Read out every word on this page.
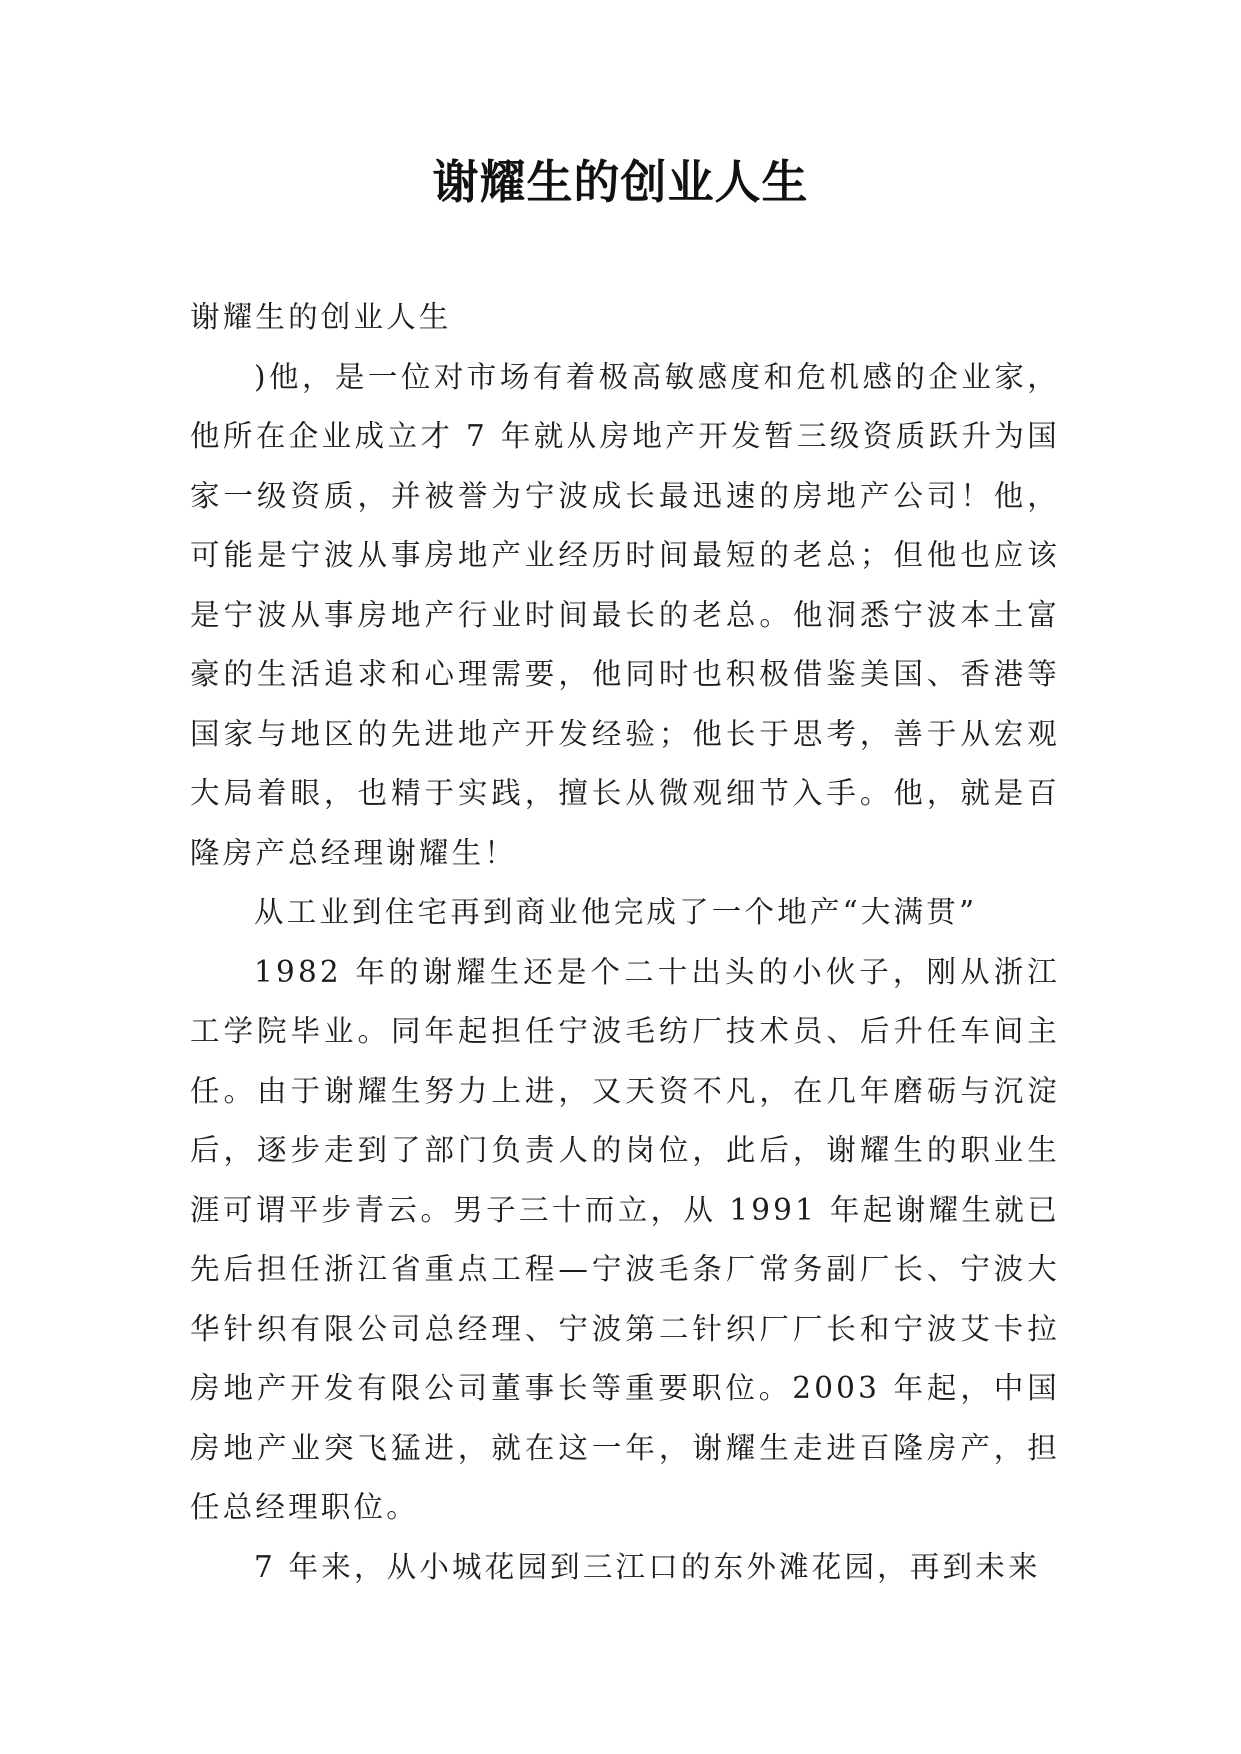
谢耀生的创业人生

谢耀生的创业人生

)他，是一位对市场有着极高敏感度和危机感的企业家，他所在企业成立才 7 年就从房地产开发暂三级资质跃升为国家一级资质，并被誉为宁波成长最迅速的房地产公司！他，可能是宁波从事房地产业经历时间最短的老总；但他也应该是宁波从事房地产行业时间最长的老总。他洞悉宁波本土富豪的生活追求和心理需要，他同时也积极借鉴美国、香港等国家与地区的先进地产开发经验；他长于思考，善于从宏观大局着眼，也精于实践，擅长从微观细节入手。他，就是百隆房产总经理谢耀生！

从工业到住宅再到商业他完成了一个地产“大满贯”

1982 年的谢耀生还是个二十出头的小伙子，刚从浙江工学院毕业。同年起担任宁波毛纺厂技术员、后升任车间主任。由于谢耀生努力上进，又天资不凡，在几年磨砺与沉淀后，逐步走到了部门负责人的岗位，此后，谢耀生的职业生涯可谓平步青云。男子三十而立，从 1991 年起谢耀生就已先后担任浙江省重点工程—宁波毛条厂常务副厂长、宁波大华针织有限公司总经理、宁波第二针织厂厂长和宁波艾卡拉房地产开发有限公司董事长等重要职位。2003 年起，中国房地产业突飞猛进，就在这一年，谢耀生走进百隆房产，担任总经理职位。

7 年来，从小城花园到三江口的东外滩花园，再到未来
